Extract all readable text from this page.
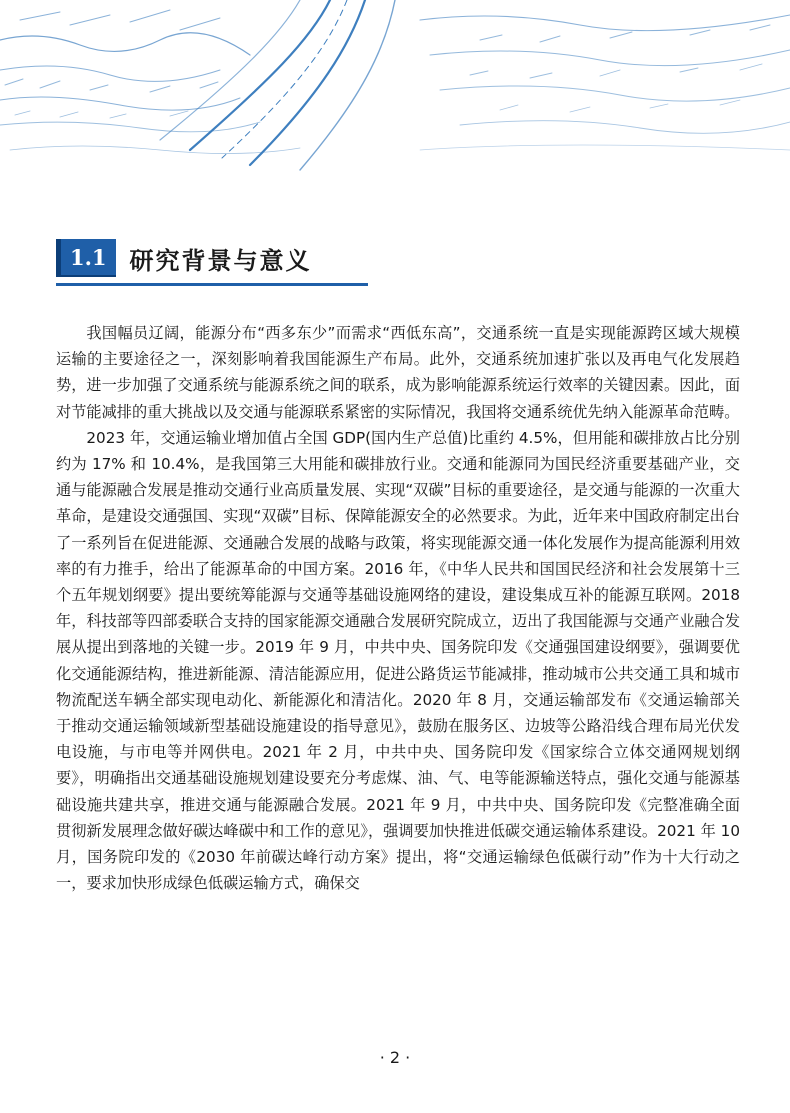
1.1 研究背景与意义

我国幅员辽阔，能源分布“西多东少”而需求“西低东高”，交通系统一直是实现能源跨区域大规模运输的主要途径之一，深刻影响着我国能源生产布局。此外，交通系统加速扩张以及再电气化发展趋势，进一步加强了交通系统与能源系统之间的联系，成为影响能源系统运行效率的关键因素。因此，面对节能减排的重大挑战以及交通与能源联系紧密的实际情况，我国将交通系统优先纳入能源革命范畴。

2023 年，交通运输业增加值占全国 GDP(国内生产总值)比重约 4.5%，但用能和碳排放占比分别约为 17% 和 10.4%，是我国第三大用能和碳排放行业。交通和能源同为国民经济重要基础产业，交通与能源融合发展是推动交通行业高质量发展、实现“双碳”目标的重要途径，是交通与能源的一次重大革命，是建设交通强国、实现“双碳”目标、保障能源安全的必然要求。为此，近年来中国政府制定出台了一系列旨在促进能源、交通融合发展的战略与政策，将实现能源交通一体化发展作为提高能源利用效率的有力推手，给出了能源革命的中国方案。2016 年，《中华人民共和国国民经济和社会发展第十三个五年规划纲要》提出要统筹能源与交通等基础设施网络的建设，建设集成互补的能源互联网。2018 年，科技部等四部委联合支持的国家能源交通融合发展研究院成立，迈出了我国能源与交通产业融合发展从提出到落地的关键一步。2019 年 9 月，中共中央、国务院印发《交通强国建设纲要》，强调要优化交通能源结构，推进新能源、清洁能源应用，促进公路货运节能减排，推动城市公共交通工具和城市物流配送车辆全部实现电动化、新能源化和清洁化。2020 年 8 月，交通运输部发布《交通运输部关于推动交通运输领域新型基础设施建设的指导意见》，鼓励在服务区、边坡等公路沿线合理布局光伏发电设施，与市电等并网供电。2021 年 2 月，中共中央、国务院印发《国家综合立体交通网规划纲要》，明确指出交通基础设施规划建设要充分考虑煤、油、气、电等能源输送特点，强化交通与能源基础设施共建共享，推进交通与能源融合发展。2021 年 9 月，中共中央、国务院印发《完整准确全面贯彻新发展理念做好碳达峰碳中和工作的意见》，强调要加快推进低碳交通运输体系建设。2021 年 10 月，国务院印发的《2030 年前碳达峰行动方案》提出，将“交通运输绿色低碳行动”作为十大行动之一，要求加快形成绿色低碳运输方式，确保交

· 2 ·
